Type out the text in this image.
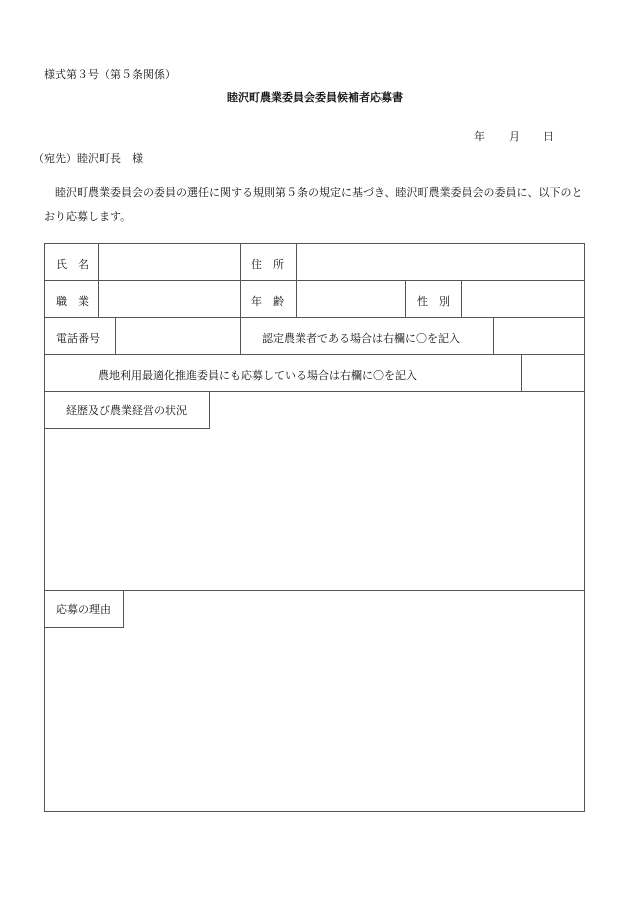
様式第３号（第５条関係）
睦沢町農業委員会委員候補者応募書
年 月 日
（宛先）睦沢町長　様
睦沢町農業委員会の委員の選任に関する規則第５条の規定に基づき、睦沢町農業委員会の委員に、以下のとおり応募します。
氏　名	住　所
職　業	年　齢	性　別
電話番号	認定農業者である場合は右欄に〇を記入
農地利用最適化推進委員にも応募している場合は右欄に〇を記入
経歴及び農業経営の状況
応募の理由
